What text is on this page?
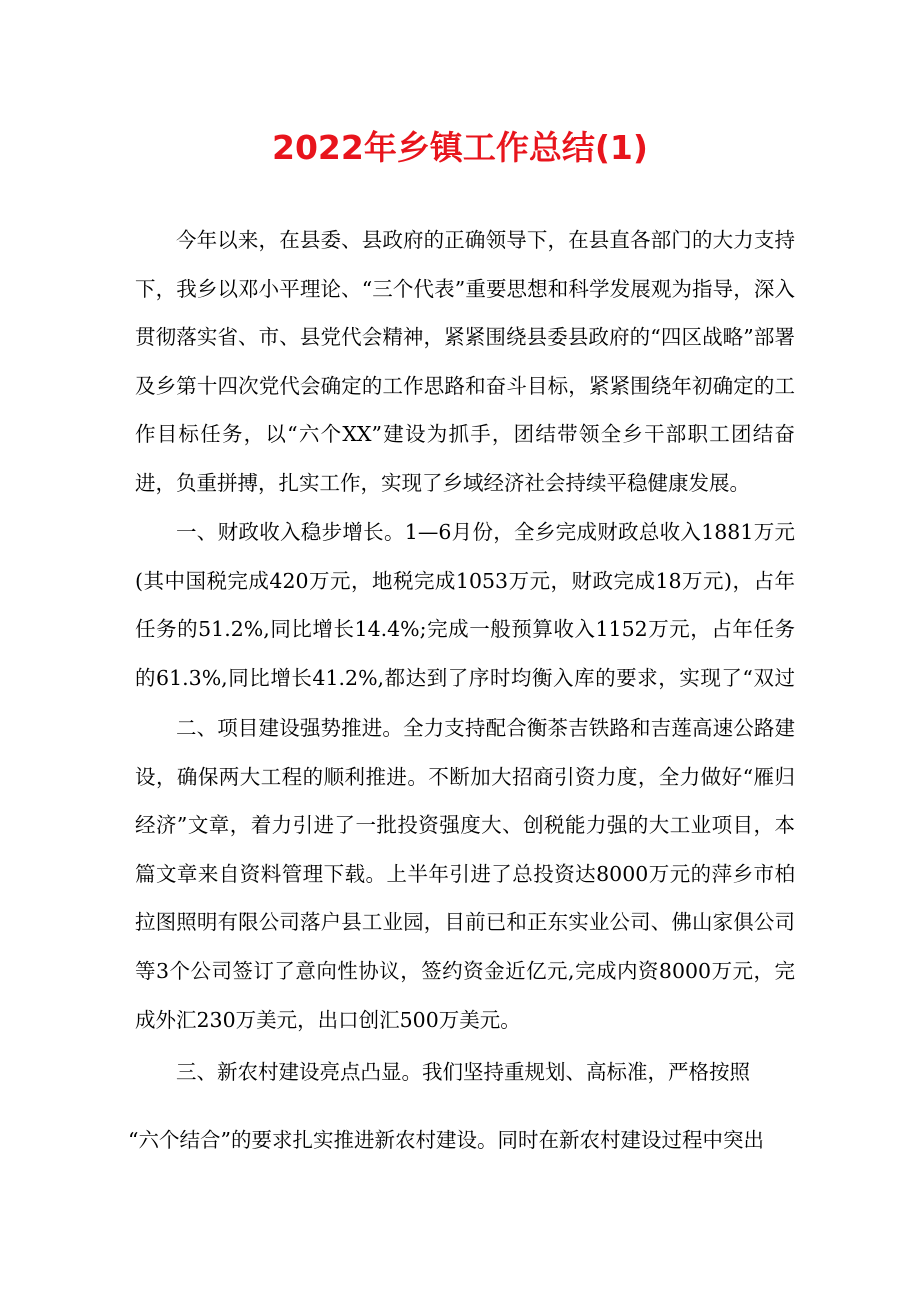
2022年乡镇工作总结(1)

今年以来，在县委、县政府的正确领导下，在县直各部门的大力支持下，我乡以邓小平理论、“三个代表”重要思想和科学发展观为指导，深入贯彻落实省、市、县党代会精神，紧紧围绕县委县政府的“四区战略”部署及乡第十四次党代会确定的工作思路和奋斗目标，紧紧围绕年初确定的工作目标任务，以“六个XX”建设为抓手，团结带领全乡干部职工团结奋进，负重拼搏，扎实工作，实现了乡域经济社会持续平稳健康发展。

一、财政收入稳步增长。1—6月份，全乡完成财政总收入1881万元(其中国税完成420万元，地税完成1053万元，财政完成18万元)，占年任务的51.2%,同比增长14.4%;完成一般预算收入1152万元，占年任务的61.3%,同比增长41.2%,都达到了序时均衡入库的要求，实现了“双过

二、项目建设强势推进。全力支持配合衡茶吉铁路和吉莲高速公路建设，确保两大工程的顺利推进。不断加大招商引资力度，全力做好“雁归经济”文章，着力引进了一批投资强度大、创税能力强的大工业项目，本篇文章来自资料管理下载。上半年引进了总投资达8000万元的萍乡市柏拉图照明有限公司落户县工业园，目前已和正东实业公司、佛山家俱公司等3个公司签订了意向性协议，签约资金近亿元,完成内资8000万元，完成外汇230万美元，出口创汇500万美元。

三、新农村建设亮点凸显。我们坚持重规划、高标准，严格按照

“六个结合”的要求扎实推进新农村建设。同时在新农村建设过程中突出
